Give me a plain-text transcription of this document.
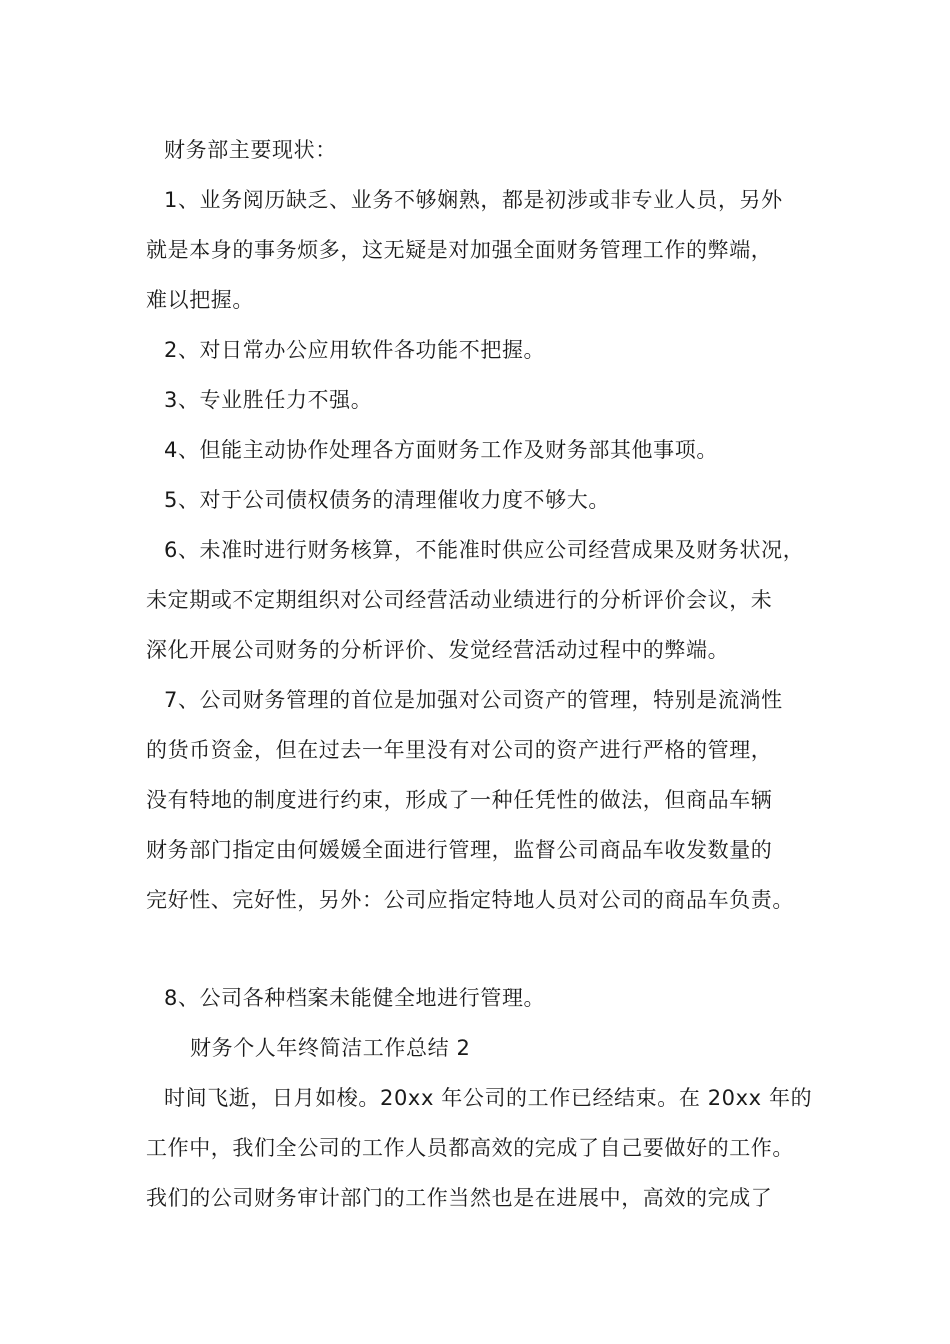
财务部主要现状：
1、业务阅历缺乏、业务不够娴熟，都是初涉或非专业人员，另外
就是本身的事务烦多，这无疑是对加强全面财务管理工作的弊端，
难以把握。
2、对日常办公应用软件各功能不把握。
3、专业胜任力不强。
4、但能主动协作处理各方面财务工作及财务部其他事项。
5、对于公司债权债务的清理催收力度不够大。
6、未准时进行财务核算，不能准时供应公司经营成果及财务状况，
未定期或不定期组织对公司经营活动业绩进行的分析评价会议，未
深化开展公司财务的分析评价、发觉经营活动过程中的弊端。
7、公司财务管理的首位是加强对公司资产的管理，特别是流淌性
的货币资金，但在过去一年里没有对公司的资产进行严格的管理，
没有特地的制度进行约束，形成了一种任凭性的做法，但商品车辆
财务部门指定由何媛媛全面进行管理，监督公司商品车收发数量的
完好性、完好性，另外：公司应指定特地人员对公司的商品车负责。
8、公司各种档案未能健全地进行管理。
财务个人年终简洁工作总结 2
时间飞逝，日月如梭。20xx 年公司的工作已经结束。在 20xx 年的
工作中，我们全公司的工作人员都高效的完成了自己要做好的工作。
我们的公司财务审计部门的工作当然也是在进展中，高效的完成了
